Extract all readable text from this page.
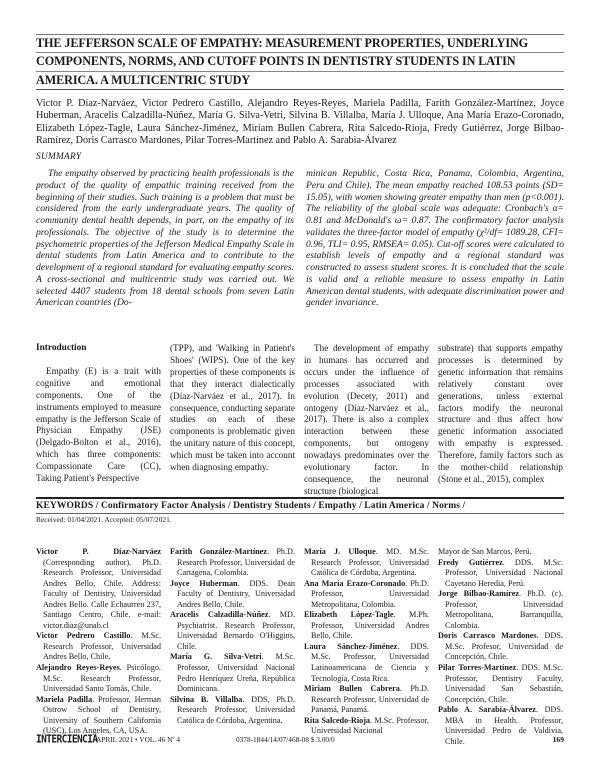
THE JEFFERSON SCALE OF EMPATHY: MEASUREMENT PROPERTIES, UNDERLYING
COMPONENTS, NORMS, AND CUTOFF POINTS IN DENTISTRY STUDENTS IN LATIN
AMERICA. A MULTICENTRIC STUDY
Victor P. Díaz-Narváez, Victor Pedrero Castillo, Alejandro Reyes-Reyes, Mariela Padilla, Farith González-Martínez, Joyce Huberman, Aracelis Calzadilla-Núñez, María G. Silva-Vetri, Silvina B. Villalba, María J. Ulloque, Ana María Erazo-Coronado, Elizabeth López-Tagle, Laura Sánchez-Jiménez, Miriam Bullen Cabrera, Rita Salcedo-Rioja, Fredy Gutiérrez, Jorge Bilbao-Ramírez, Doris Carrasco Mardones, Pilar Torres-Martínez and Pablo A. Sarabia-Álvarez
SUMMARY

The empathy observed by practicing health professionals is the product of the quality of empathic training received from the beginning of their studies. Such training is a problem that must be considered from the early undergraduate years. The quality of community dental health depends, in part, on the empathy of its professionals. The objective of the study is to determine the psychometric properties of the Jefferson Medical Empathy Scale in dental students from Latin America and to contribute to the development of a regional standard for evaluating empathy scores. A cross-sectional and multicentric study was carried out. We selected 4407 students from 18 dental schools from seven Latin American countries (Do-

minican Republic, Costa Rica, Panama, Colombia, Argentina, Peru and Chile). The mean empathy reached 108.53 points (SD= 15.05), with women showing greater empathy than men (p<0.001). The reliability of the global scale was adequate: Cronbach's α= 0.81 and McDonald's ω= 0.87. The confirmatory factor analysis validates the three-factor model of empathy (χ²/df= 1089.28, CFI= 0.96, TLI= 0.95, RMSEA= 0.05). Cut-off scores were calculated to establish levels of empathy and a regional standard was constructed to assess student scores. It is concluded that the scale is valid and a reliable measure to assess empathy in Latin American dental students, with adequate discrimination power and gender invariance.

Introduction

Empathy (E) is a trait with cognitive and emotional components. One of the instruments employed to measure empathy is the Jefferson Scale of Physician Empathy (JSE) (Delgado-Bolton et al., 2016), which has three components: Compassionate Care (CC), Taking Patient's Perspective

(TPP), and 'Walking in Patient's Shoes' (WIPS). One of the key properties of these components is that they interact dialectically (Díaz-Narváez et al., 2017). In consequence, conducting separate studies on each of these components is problematic given the unitary nature of this concept, which must be taken into account when diagnosing empathy.

The development of empathy in humans has occurred and occurs under the influence of processes associated with evolution (Decety, 2011) and ontogeny (Díaz-Narváez et al., 2017). There is also a complex interaction between these components, but ontogeny nowadays predominates over the evolutionary factor. In consequence, the neuronal structure (biological

substrate) that supports empathy processes is determined by genetic information that remains relatively constant over generations, unless external factors modify the neuronal structure and thus affect how genetic information associated with empathy is expressed. Therefore, family factors such as the mother-child relationship (Stone et al., 2015), complex

KEYWORDS / Confirmatory Factor Analysis / Dentistry Students / Empathy / Latin America / Norms /
Received: 01/04/2021. Accepted: 05/07/2021.

Victor P. Díaz-Narváez (Corresponding author). Ph.D. Research Professor, Universidad Andres Bello, Chile. Address: Faculty of Dentistry, Universidad Andres Bello. Calle Echaurren 237, Santiago Centro, Chile. e-mail: victor.diaz@unab.cl

Victor Pedrero Castillo. M.Sc. Research Professor, Universidad Andres Bello, Chile.

Alejandro Reyes-Reyes. Psicólogo. M.Sc. Research Professor, Universidad Santo Tomás, Chile.

Mariela Padilla. Professor, Herman Ostrow School of Dentistry, University of Southern California (USC), Los Angeles, CA, USA.

Farith González-Martínez. Ph.D. Research Professor, Universidad de Cartagena, Colombia.

Joyce Huberman. DDS. Dean Faculty of Dentistry, Universidad Andres Bello, Chile.

Aracelis Calzadilla-Núñez. MD. Psychiatrist. Research Professor, Universidad Bernardo O'Higgins, Chile.

María G. Silva-Vetri. M.Sc. Professor, Universidad Nacional Pedro Henríquez Ureña, República Dominicana.

Silvina B. Villalba. DDS, Ph.D. Research Professor, Universidad Católica de Córdoba, Argentina.

María J. Ulloque. MD. M.Sc. Research Professor, Universidad Católica de Córdoba, Argentina.

Ana María Erazo-Coronado. Ph.D. Professor, Universidad Metropolitana, Colombia.

Elizabeth López-Tagle. M.Ph. Professor, Universidad Andres Bello, Chile.

Laura Sánchez-Jiménez. DDS. M.Sc. Professor, Universidad Latinoamericana de Ciencia y Tecnología, Costa Rica.

Miriam Bullen Cabrera. Ph.D. Research Professor, Universidad de Panamá, Panamá.

Rita Salcedo-Rioja. M.Sc. Professor, Universidad Nacional

Mayor de San Marcos, Perú.

Fredy Gutiérrez. DDS. M.Sc. Professor, Universidad Nacional Cayetano Heredia, Perú.

Jorge Bilbao-Ramírez. Ph.D. (c). Professor, Universidad Metropolitana, Barranquilla, Colombia.

Doris Carrasco Mardones. DDS. M.Sc. Profesor, Universidad de Concepción, Chile.

Pilar Torres-Martínez. DDS. M.Sc. Professor, Dentistry Faculty, Universidad San Sebastián, Concepción, Chile.

Pablo A. Sarabia-Álvarez. DDS. MBA in Health. Professor, Universidad Pedro de Valdivia, Chile.

INTERCIENCIA
APRIL 2021 • VOL. 46 Nº 4	0378-1844/14/07/468-08 $ 3.00/0	169
